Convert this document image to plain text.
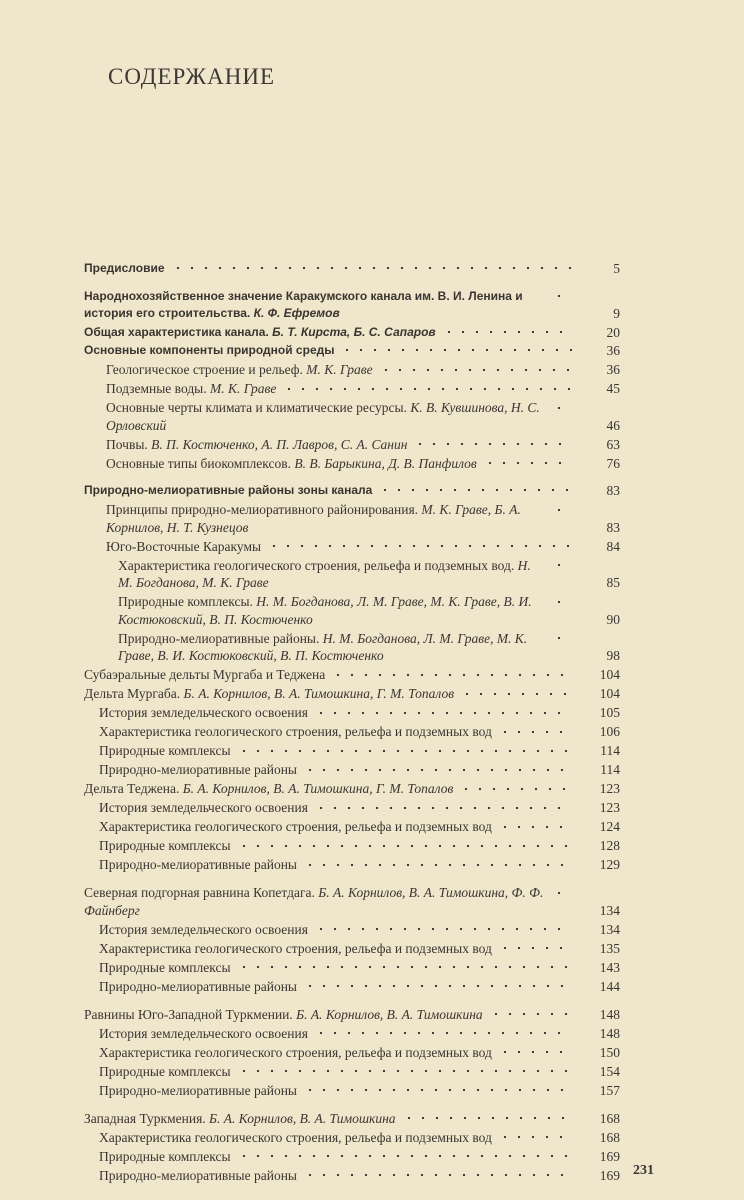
СОДЕРЖАНИЕ
Предисловие	5
Народнохозяйственное значение Каракумского канала им. В. И. Ленина и история его строительства. К. Ф. Ефремов	9
Общая характеристика канала. Б. Т. Кирста, Б. С. Сапаров	20
Основные компоненты природной среды	36
Геологическое строение и рельеф. М. К. Граве	36
Подземные воды. М. К. Граве	45
Основные черты климата и климатические ресурсы. К. В. Кувшинова, Н. С. Орловский	46
Почвы. В. П. Костюченко, А. П. Лавров, С. А. Санин	63
Основные типы биокомплексов. В. В. Барыкина, Д. В. Панфилов	76
Природно-мелиоративные районы зоны канала	83
Принципы природно-мелиоративного районирования. М. К. Граве, Б. А. Корнилов, Н. Т. Кузнецов	83
Юго-Восточные Каракумы	84
Характеристика геологического строения, рельефа и подземных вод. Н. М. Богданова, М. К. Граве	85
Природные комплексы. Н. М. Богданова, Л. М. Граве, М. К. Граве, В. И. Костюковский, В. П. Костюченко	90
Природно-мелиоративные районы. Н. М. Богданова, Л. М. Граве, М. К. Граве, В. И. Костюковский, В. П. Костюченко	98
Субаэральные дельты Мургаба и Теджена	104
Дельта Мургаба. Б. А. Корнилов, В. А. Тимошкина, Г. М. Топалов	104
История земледельческого освоения	105
Характеристика геологического строения, рельефа и подземных вод	106
Природные комплексы	114
Природно-мелиоративные районы	114
Дельта Теджена. Б. А. Корнилов, В. А. Тимошкина, Г. М. Топалов	123
История земледельческого освоения	123
Характеристика геологического строения, рельефа и подземных вод	124
Природные комплексы	128
Природно-мелиоративные районы	129
Северная подгорная равнина Копетдага. Б. А. Корнилов, В. А. Тимошкина, Ф. Ф. Файнберг	134
История земледельческого освоения	134
Характеристика геологического строения, рельефа и подземных вод	135
Природные комплексы	143
Природно-мелиоративные районы	144
Равнины Юго-Западной Туркмении. Б. А. Корнилов, В. А. Тимошкина	148
История земледельческого освоения	148
Характеристика геологического строения, рельефа и подземных вод	150
Природные комплексы	154
Природно-мелиоративные районы	157
Западная Туркмения. Б. А. Корнилов, В. А. Тимошкина	168
Характеристика геологического строения, рельефа и подземных вод	168
Природные комплексы	169
Природно-мелиоративные районы	169 231
